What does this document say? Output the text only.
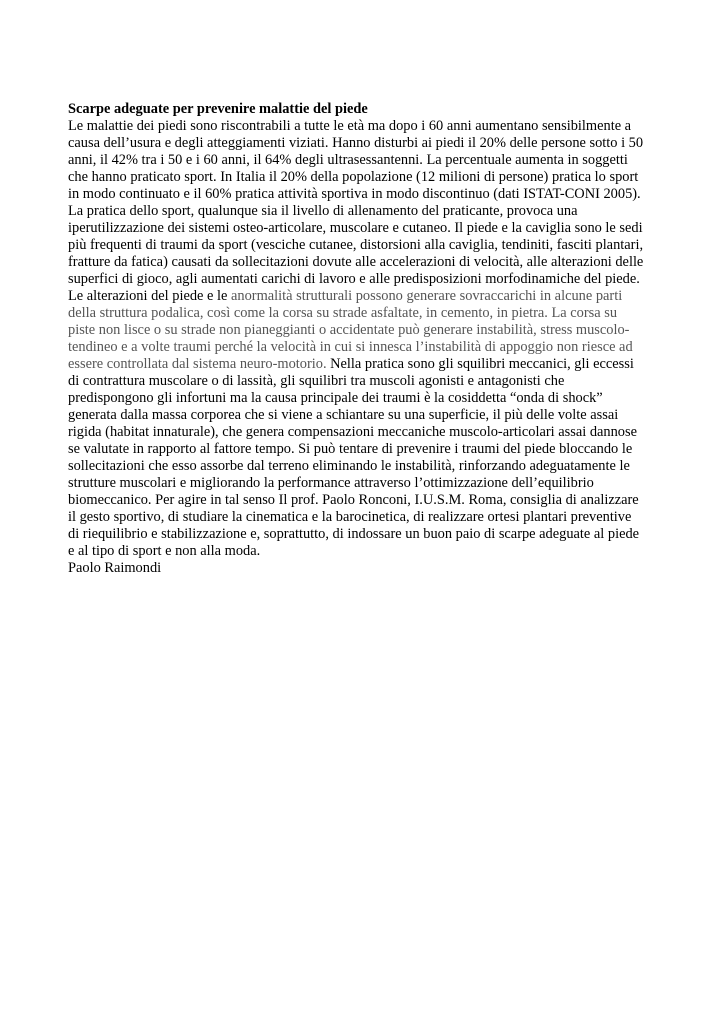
Scarpe adeguate per prevenire malattie del piede

Le malattie dei piedi sono riscontrabili a tutte le età ma dopo i 60 anni aumentano sensibilmente a

causa dell’usura e degli atteggiamenti viziati. Hanno disturbi ai piedi il 20% delle persone sotto i 50

anni, il 42% tra i 50 e i 60 anni, il 64% degli ultrasessantenni. La percentuale aumenta in soggetti

che hanno praticato sport. In Italia il 20% della popolazione (12 milioni di persone) pratica lo sport

in modo continuato e il 60% pratica attività sportiva in modo discontinuo (dati ISTAT-CONI 2005).

La pratica dello sport, qualunque sia il livello di allenamento del praticante, provoca una

iperutilizzazione dei sistemi osteo-articolare, muscolare e cutaneo. Il piede e la caviglia sono le sedi

più frequenti di traumi da sport (vesciche cutanee, distorsioni alla caviglia, tendiniti, fasciti plantari,

fratture da fatica) causati da sollecitazioni dovute alle accelerazioni di velocità, alle alterazioni delle

superfici di gioco, agli aumentati carichi di lavoro e alle predisposizioni morfodinamiche del piede.

Le alterazioni del piede e le anormalità strutturali possono generare sovraccarichi in alcune parti

della struttura podalica, così come la corsa su strade asfaltate, in cemento, in pietra. La corsa su

piste non lisce o su strade non pianeggianti o accidentate può generare instabilità, stress muscolo-

tendineo e a volte traumi perché la velocità in cui si innesca l’instabilità di appoggio non riesce ad

essere controllata dal sistema neuro-motorio. Nella pratica sono gli squilibri meccanici, gli eccessi

di contrattura muscolare o di lassità, gli squilibri tra muscoli agonisti e antagonisti che

predispongono gli infortuni ma la causa principale dei traumi è la cosiddetta “onda di shock”

generata dalla massa corporea che si viene a schiantare su una superficie, il più delle volte assai

rigida (habitat innaturale), che genera compensazioni meccaniche muscolo-articolari assai dannose

se valutate in rapporto al fattore tempo. Si può tentare di prevenire i traumi del piede bloccando le

sollecitazioni che esso assorbe dal terreno eliminando le instabilità, rinforzando adeguatamente le

strutture muscolari e migliorando la performance attraverso l’ottimizzazione dell’equilibrio

biomeccanico. Per agire in tal senso Il prof. Paolo Ronconi, I.U.S.M. Roma, consiglia di analizzare

il gesto sportivo, di studiare la cinematica e la barocinetica, di realizzare ortesi plantari preventive

di riequilibrio e stabilizzazione e, soprattutto, di indossare un buon paio di scarpe adeguate al piede

e al tipo di sport e non alla moda.

Paolo Raimondi
